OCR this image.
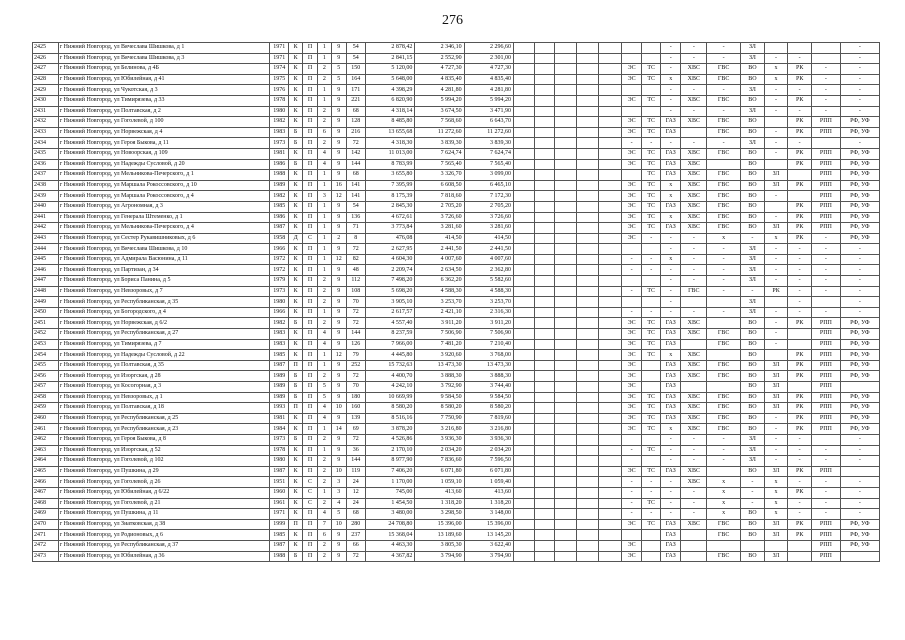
276
2425	г Нижний Новгород, ул Вячеслава Шишкова, д 1	1971	К	П	1	9	54	2 878,42	2 346,10	2 296,60								-	-	-	ЗЛ				-
2426	г Нижний Новгород, ул Вячеслава Шишкова, д 3	1971	К	П	1	9	54	2 841,15	2 552,90	2 301,00								-	-	-	ЗЛ	-	-		-
2427	г Нижний Новгород, ул Белинова, д 4Б	1974	К	П	2	5	150	5 120,00	4 727,30	4 727,30						ЭС	ТС	-	ХВС	ГВС	ВО	х	РК	-	-
2428	г Нижний Новгород, ул Юбилейная, д 41	1975	К	П	2	5	164	5 648,00	4 835,40	4 835,40						ЭС	ТС	х	ХВС	ГВС	ВО	х	РК	-	-
2429	г Нижний Новгород, ул Чукотская, д 3	1976	К	П	1	9	171	4 398,29	4 281,80	4 281,80								-	-	-	ЗЛ	-	-	-	-
2430	г Нижний Новгород, ул Тимирязева, д 33	1978	К	П	1	9	221	6 820,90	5 994,20	5 994,20						ЭС	ТС	-	ХВС	ГВС	ВО	-	РК	-	-
2431	г Нижний Новгород, ул Полтавская, д 2	1980	К	П	2	9	68	4 318,14	3 674,50	3 471,90								-	-	-	ЗЛ	-	-	-	-
2432	г Нижний Новгород, ул Гоголевой, д 100	1982	К	П	2	9	128	8 485,80	7 568,60	6 643,70						ЭС	ТС	ГАЗ	ХВС	ГВС	ВО		РК	РПП	РФ, УФ
2433	г Нижний Новгород, ул Норвежская, д 4	1983	Б	П	6	9	216	13 655,68	11 272,60	11 272,60						ЭС	ТС	ГАЗ		ГВС	ВО	-	РК	РПП	РФ, УФ
2434	г Нижний Новгород, ул Героя Быкова, д 11	1973	Б	П	2	9	72	4 318,30	3 839,30	3 839,30						-	-	-	-	-	ЗЛ	-	-		-
2435	г Нижний Новгород, ул Новоорская, д 109	1981	К	П	4	9	142	11 013,00	7 624,74	7 624,74						ЭС	ТС	ГАЗ	ХВС	ГВС	ВО	-	РК	РПП	РФ, УФ
2436	г Нижний Новгород, ул Надежды Сусловой, д 20	1986	Б	П	4	9	144	8 783,99	7 565,40	7 565,40						ЭС	ТС	ГАЗ	ХВС		ВО		РК	РПП	РФ, УФ
2437	г Нижний Новгород, ул Мельникова-Печерского, д 1	1988	К	П	1	9	68	3 655,80	3 326,70	3 099,00							ТС	ГАЗ	ХВС	ГВС	ВО	ЗЛ		РПП	РФ, УФ
2438	г Нижний Новгород, ул Маршала Рокоссовского, д 10	1989	К	П	1	16	141	7 395,99	6 608,50	6 465,10						ЭС	ТС	х	ХВС	ГВС	ВО	ЗЛ	РК	РПП	РФ, УФ
2439	г Нижний Новгород, ул Маршала Рокоссовского, д 4	1982	К	П	3	12	141	8 175,39	7 818,60	7 172,30						ЭС	ТС	х	ХВС	ГВС	ВО	-		РПП	РФ, УФ
2440	г Нижний Новгород, ул Агрономная, д 3	1985	К	П	1	9	54	2 845,30	2 705,20	2 705,20						ЭС	ТС	ГАЗ	ХВС	ГВС	ВО		РК	РПП	РФ, УФ
2441	г Нижний Новгород, ул Генерала Штеменко, д 1	1986	К	П	1	9	136	4 672,61	3 726,60	3 726,60						ЭС	ТС	х	ХВС	ГВС	ВО	-	РК	РПП	РФ, УФ
2442	г Нижний Новгород, ул Мельникова-Печерского, д 4	1987	К	П	1	9	71	3 773,84	3 281,60	3 281,60						ЭС	ТС	ГАЗ	ХВС	ГВС	ВО	ЗЛ	РК	РПП	РФ, УФ
2443	г Нижний Новгород, ул Сестер Рукавишниковых, д 6	1958	Д	С	1	2	8	476,08	414,50	414,50						ЭС	-	-	-	х	-	х	РК	-	РФ, УФ
2444	г Нижний Новгород, ул Вячеслава Шишкова, д 10	1966	К	П	1	9	72	2 627,95	2 441,50	2 441,50								-	-	-	ЗЛ	-	-	-	-
2445	г Нижний Новгород, ул Адмирала Васюнина, д 11	1972	К	П	1	12	82	4 604,30	4 007,60	4 007,60						-	-	х	-	-	ЗЛ	-	-	-	-
2446	г Нижний Новгород, ул Партизан, д 34	1972	К	П	1	9	48	2 209,74	2 634,50	2 362,80						-	-	-	-	-	ЗЛ	-	-	-	-
2447	г Нижний Новгород, ул Бориса Панина, д 5	1979	К	П	2	9	112	7 498,20	6 362,20	5 582,60								-	-	-	ЗЛ	-	-	-	-
2448	г Нижний Новгород, ул Невзоровых, д 7	1973	К	П	2	9	108	5 698,20	4 588,30	4 588,30						-	ТС	-	ГВС	-	-	РК	-	-	-
2449	г Нижний Новгород, ул Республиканская, д 35	1980	К	П	2	9	70	3 905,10	3 253,70	3 253,70								-			ЗЛ		-		-
2450	г Нижний Новгород, ул Богородского, д 4	1966	К	П	1	9	72	2 617,57	2 421,10	2 316,30						-	-	-	-	-	ЗЛ	-	-	-	-
2451	г Нижний Новгород, ул Норвежская, д 6/2	1982	Б	П	2	9	72	4 557,40	3 911,20	3 911,20						ЭС	ТС	ГАЗ	ХВС		ВО	-	РК	РПП	РФ, УФ
2452	г Нижний Новгород, ул Республиканская, д 27	1983	К	П	4	9	144	8 237,59	7 506,90	7 506,90						ЭС	ТС	ГАЗ	ХВС	ГВС	ВО	-		РПП	РФ, УФ
2453	г Нижний Новгород, ул Тимирязева, д 7	1983	К	П	4	9	126	7 966,00	7 481,20	7 210,40						ЭС	ТС	ГАЗ		ГВС	ВО	-		РПП	РФ, УФ
2454	г Нижний Новгород, ул Надежды Сусловой, д 22	1985	К	П	1	12	79	4 445,80	3 920,60	3 768,00						ЭС	ТС	х	ХВС		ВО		РК	РПП	РФ, УФ
2455	г Нижний Новгород, ул Полтавская, д 35	1987	П	П	1	9	252	15 732,63	13 473,30	13 473,30						ЭС		ГАЗ	ХВС	ГВС	ВО	ЗЛ	РК	РПП	РФ, УФ
2456	г Нижний Новгород, ул Изоргская, д 28	1989	Б	П	2	9	72	4 400,70	3 888,30	3 888,30						ЭС		ГАЗ	ХВС	ГВС	ВО	ЗЛ	РК	РПП	РФ, УФ
2457	г Нижний Новгород, ул Косогорная, д 3	1989	Б	П	5	9	70	4 242,10	3 792,90	3 744,40						ЭС		ГАЗ			ВО	ЗЛ		РПП	
2458	г Нижний Новгород, ул Невзоровых, д 1	1989	Б	П	5	9	180	10 669,99	9 584,50	9 584,50						ЭС	ТС	ГАЗ	ХВС	ГВС	ВО	ЗЛ	РК	РПП	РФ, УФ
2459	г Нижний Новгород, ул Полтавская, д 18	1993	П	П	4	10	160	8 580,20	8 580,20	8 580,20						ЭС	ТС	ГАЗ	ХВС	ГВС	ВО	ЗЛ	РК	РПП	РФ, УФ
2460	г Нижний Новгород, ул Республиканская, д 25	1981	К	П	4	9	139	8 516,16	7 750,90	7 819,60						ЭС	ТС	ГАЗ	ХВС	ГВС	ВО	-	РК	РПП	РФ, УФ
2461	г Нижний Новгород, ул Республиканская, д 23	1984	К	П	1	14	69	3 878,20	3 216,80	3 216,80						ЭС	ТС	х	ХВС	ГВС	ВО	-	РК	РПП	РФ, УФ
2462	г Нижний Новгород, ул Героя Быкова, д 8	1973	Б	П	2	9	72	4 526,86	3 936,30	3 936,30								-	-	-	ЗЛ	-	-		-
2463	г Нижний Новгород, ул Изоргская, д 52	1978	К	П	1	9	36	2 170,10	2 034,20	2 034,20						-	ТС	-	-	-	ЗЛ	-	-	-	-
2464	г Нижний Новгород, ул Гоголевой, д 102	1980	К	П	2	9	144	8 977,90	7 836,60	7 596,50								-	-	-	ЗЛ	-	-	-	-
2465	г Нижний Новгород, ул Пушкина, д 29	1987	К	П	2	10	119	7 406,20	6 071,80	6 071,80						ЭС	ТС	ГАЗ	ХВС		ВО	ЗЛ	РК	РПП	
2466	г Нижний Новгород, ул Гоголевой, д 26	1951	К	С	2	3	24	1 170,00	1 059,10	1 059,40						-	-	-	ХВС	х	-	х	-	-	-
2467	г Нижний Новгород, ул Юбилейная, д 6/22	1960	К	С	1	3	12	745,00	413,60	413,60						-	-	-	-	х	-	х	РК	-	-
2468	г Нижний Новгород, ул Гоголевой, д 21	1961	К	С	2	4	24	1 454,50	1 318,20	1 318,20						-	ТС	-	-	х	-	х	-	-	-
2469	г Нижний Новгород, ул Пушкина, д 11	1971	К	П	4	5	68	3 480,00	3 298,50	3 148,00						-	-	-	-	х	ВО	х	-	-	-
2470	г Нижний Новгород, ул Зиатковская, д 38	1999	П	П	7	10	280	24 708,80	15 396,00	15 396,00						ЭС	ТС	ГАЗ	ХВС	ГВС	ВО	ЗЛ	РК	РПП	РФ, УФ
2471	г Нижний Новгород, ул Родионовых, д 6	1985	К	П	6	9	237	15 368,04	13 189,60	13 145,20								ГАЗ		ГВС	ВО	ЗЛ	РК	РПП	РФ, УФ
2472	г Нижний Новгород, ул Республиканская, д 37	1987	К	П	2	9	66	4 463,30	3 805,30	3 622,40						ЭС		ГАЗ						РПП	РФ, УФ
2473	г Нижний Новгород, ул Юбилейная, д 36	1988	Б	П	2	9	72	4 367,82	3 794,90	3 794,90						ЭС		ГАЗ		ГВС	ВО	ЗЛ		РПП	
